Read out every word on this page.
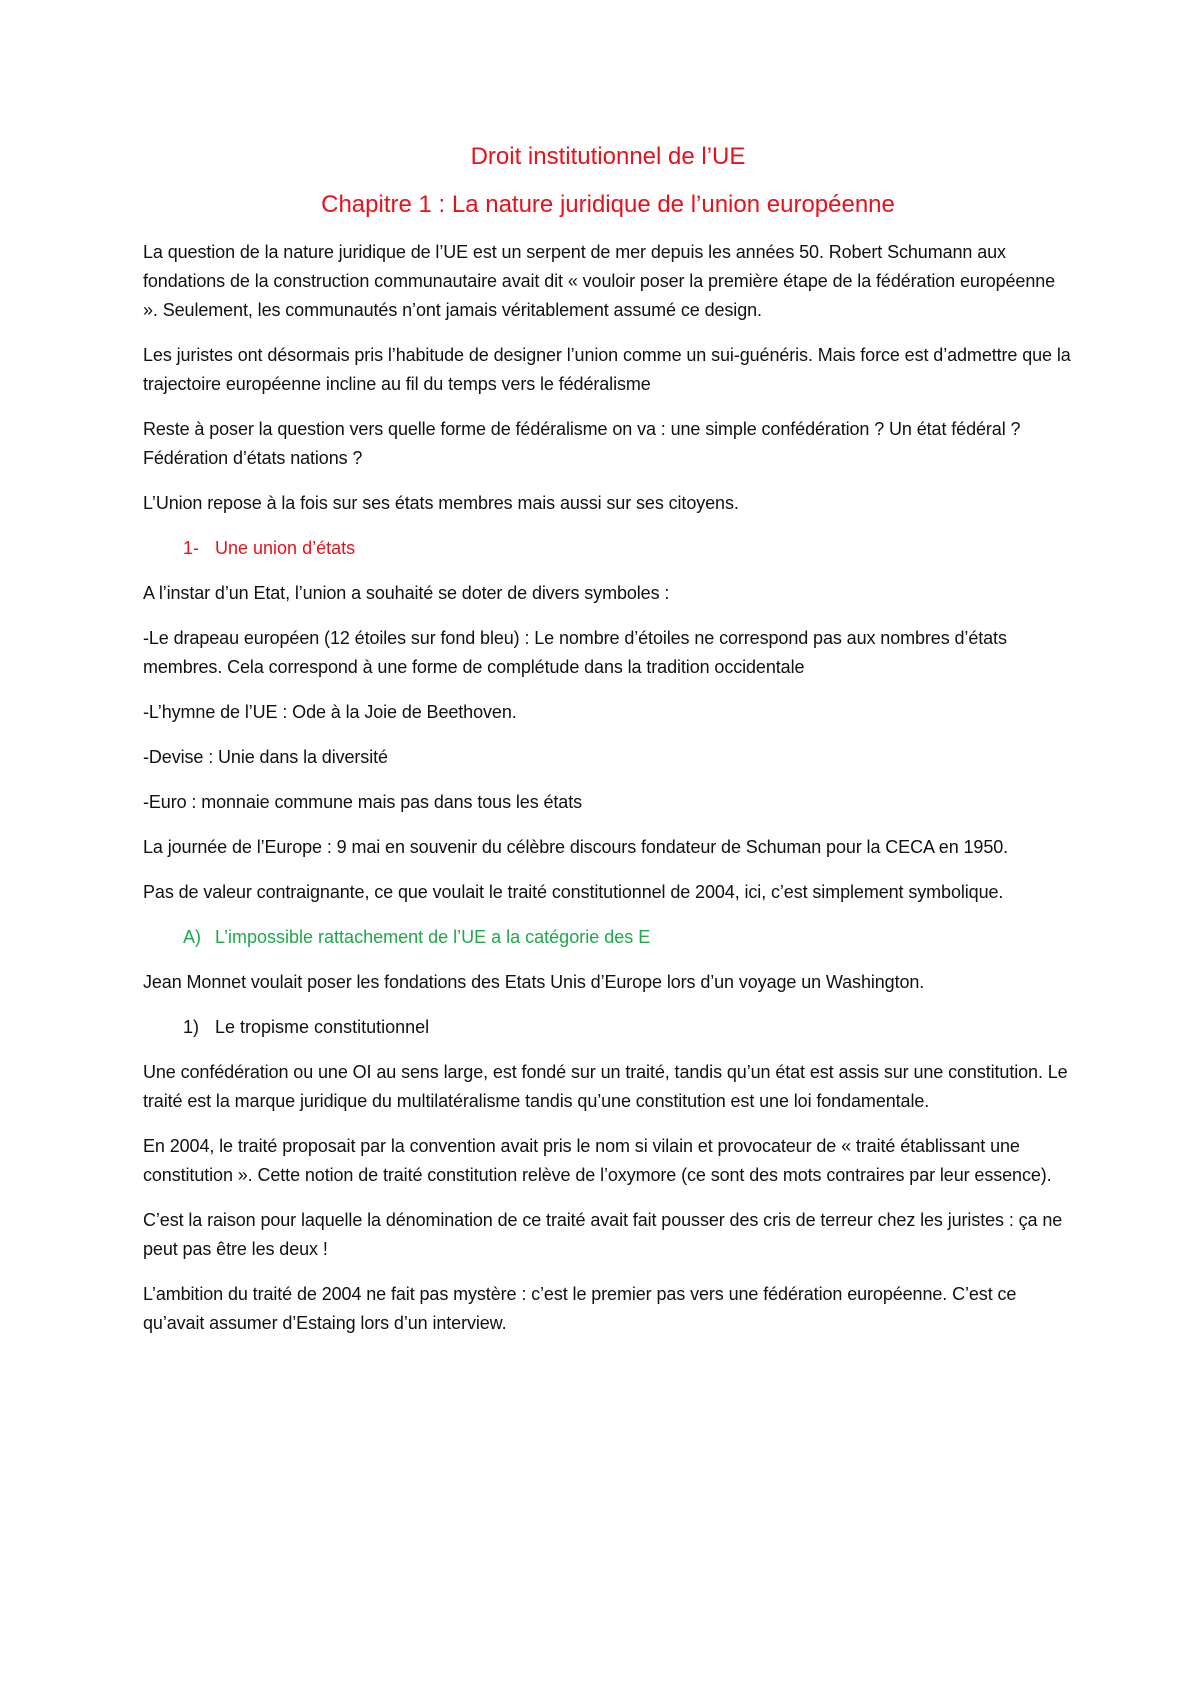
Droit institutionnel de l’UE
Chapitre 1 : La nature juridique de l’union européenne

La question de la nature juridique de l’UE est un serpent de mer depuis les années 50. Robert Schumann aux fondations de la construction communautaire avait dit « vouloir poser la première étape de la fédération européenne ». Seulement, les communautés n’ont jamais véritablement assumé ce design.

Les juristes ont désormais pris l’habitude de designer l’union comme un sui-guénéris. Mais force est d’admettre que la trajectoire européenne incline au fil du temps vers le fédéralisme

Reste à poser la question vers quelle forme de fédéralisme on va : une simple confédération ? Un état fédéral ? Fédération d’états nations ?

L’Union repose à la fois sur ses états membres mais aussi sur ses citoyens.

1- Une union d’états

A l’instar d’un Etat, l’union a souhaité se doter de divers symboles :

-Le drapeau européen (12 étoiles sur fond bleu) : Le nombre d’étoiles ne correspond pas aux nombres d’états membres. Cela correspond à une forme de complétude dans la tradition occidentale

-L’hymne de l’UE : Ode à la Joie de Beethoven.

-Devise : Unie dans la diversité

-Euro : monnaie commune mais pas dans tous les états

La journée de l’Europe : 9 mai en souvenir du célèbre discours fondateur de Schuman pour la CECA en 1950.

Pas de valeur contraignante, ce que voulait le traité constitutionnel de 2004, ici, c’est simplement symbolique.

A) L’impossible rattachement de l’UE a la catégorie des E

Jean Monnet voulait poser les fondations des Etats Unis d’Europe lors d’un voyage un Washington.

1) Le tropisme constitutionnel

Une confédération ou une OI au sens large, est fondé sur un traité, tandis qu’un état est assis sur une constitution. Le traité est la marque juridique du multilatéralisme tandis qu’une constitution est une loi fondamentale.

En 2004, le traité proposait par la convention avait pris le nom si vilain et provocateur de « traité établissant une constitution ». Cette notion de traité constitution relève de l’oxymore (ce sont des mots contraires par leur essence).

C’est la raison pour laquelle la dénomination de ce traité avait fait pousser des cris de terreur chez les juristes : ça ne peut pas être les deux !

L’ambition du traité de 2004 ne fait pas mystère : c’est le premier pas vers une fédération européenne. C’est ce qu’avait assumer d’Estaing lors d’un interview.
